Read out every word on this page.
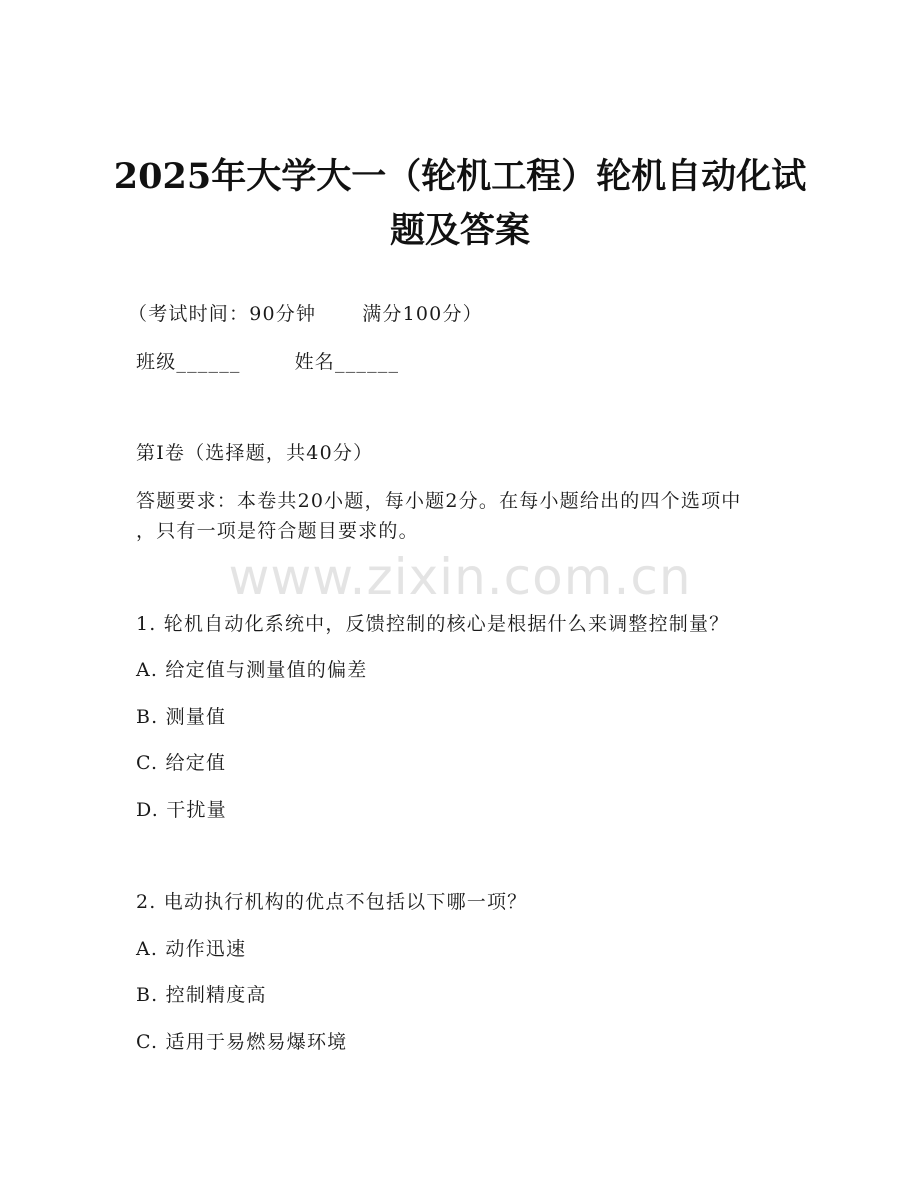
2025年大学大一（轮机工程）轮机自动化试
题及答案
（考试时间：90分钟 满分100分）
班级______	姓名______
第I卷（选择题，共40分）
答题要求：本卷共20小题，每小题2分。在每小题给出的四个选项中
，只有一项是符合题目要求的。
www.zixin.com.cn
1. 轮机自动化系统中，反馈控制的核心是根据什么来调整控制量？
A. 给定值与测量值的偏差
B. 测量值
C. 给定值
D. 干扰量
2. 电动执行机构的优点不包括以下哪一项？
A. 动作迅速
B. 控制精度高
C. 适用于易燃易爆环境
